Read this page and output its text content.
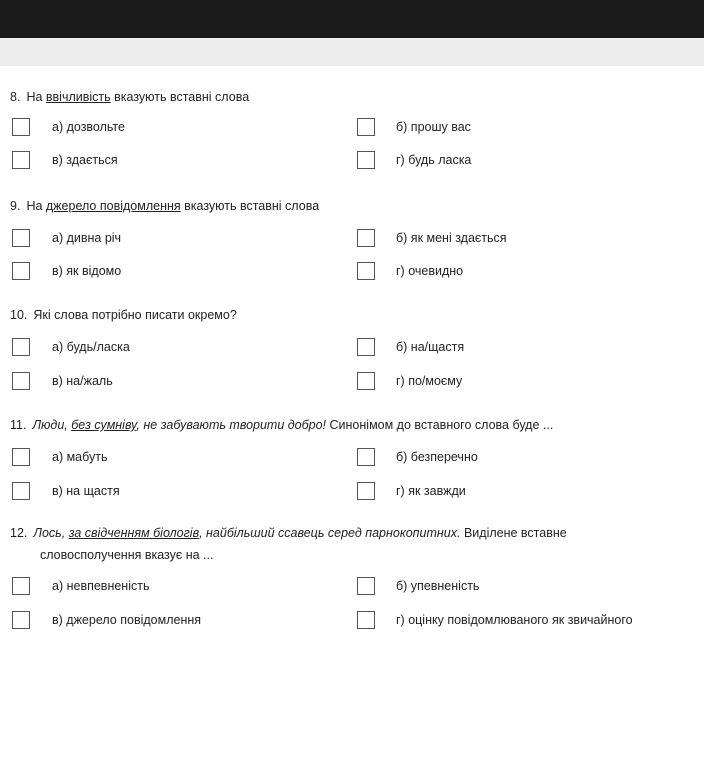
8. На ввічливість вказують вставні слова
а) дозвольте	б) прошу вас
в) здається	г) будь ласка
9. На джерело повідомлення вказують вставні слова
а) дивна річ	б) як мені здається
в) як відомо	г) очевидно
10. Які слова потрібно писати окремо?
а) будь/ласка	б) на/щастя
в) на/жаль	г) по/моєму
11. Люди, без сумніву, не забувають творити добро! Синонімом до вставного слова буде ...
а) мабуть	б) безперечно
в) на щастя	г) як завжди
12. Лось, за свідченням біологів, найбільший ссавець серед парнокопитних. Виділене вставне
словосполучення вказує на ...
а) невпевненість	б) упевненість
в) джерело повідомлення	г) оцінку повідомлюваного як звичайного
